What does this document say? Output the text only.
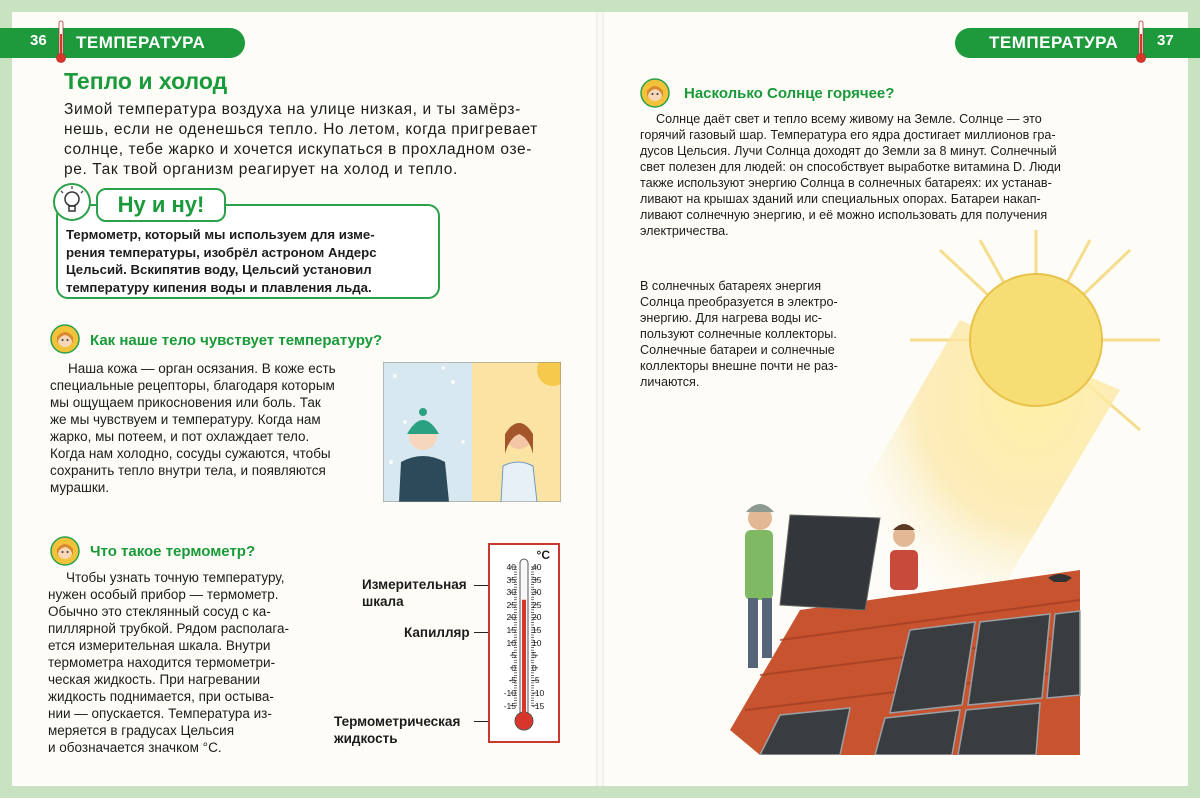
ТЕМПЕРАТУРА
36	ТЕМПЕРАТУРА	37
Тепло и холод
Зимой температура воздуха на улице низкая, и ты замёрз-
нешь, если не оденешься тепло. Но летом, когда пригревает
солнце, тебе жарко и хочется искупаться в прохладном озе-
ре. Так твой организм реагирует на холод и тепло.
Ну и ну!
Термометр, который мы используем для изме-
рения температуры, изобрёл астроном Андерс
Цельсий. Вскипятив воду, Цельсий установил
температуру кипения воды и плавления льда.
Как наше тело чувствует температуру?
Наша кожа — орган осязания. В коже есть
специальные рецепторы, благодаря которым
мы ощущаем прикосновения или боль. Так
же мы чувствуем и температуру. Когда нам
жарко, мы потеем, и пот охлаждает тело.
Когда нам холодно, сосуды сужаются, чтобы
сохранить тепло внутри тела, и появляются
мурашки.
Что такое термометр?
Чтобы узнать точную температуру,
нужен особый прибор — термометр.
Обычно это стеклянный сосуд с ка-
пиллярной трубкой. Рядом располага-
ется измерительная шкала. Внутри
термометра находится термометри-
ческая жидкость. При нагревании
жидкость поднимается, при остыва-
нии — опускается. Температура из-
меряется в градусах Цельсия
и обозначается значком °С.
Измерительная
шкала
Капилляр
Термометрическая
жидкость
°С
40
35
30
25
20
15
10
5
0
-5
-10
-15
40
35
30
25
20
15
10
5
0
-5
-10
-15
Насколько Солнце горячее?
Солнце даёт свет и тепло всему живому на Земле. Солнце — это
горячий газовый шар. Температура его ядра достигает миллионов гра-
дусов Цельсия. Лучи Солнца доходят до Земли за 8 минут. Солнечный
свет полезен для людей: он способствует выработке витамина D. Люди
также используют энергию Солнца в солнечных батареях: их устанав-
ливают на крышах зданий или специальных опорах. Батареи накап-
ливают солнечную энергию, и её можно использовать для получения
электричества.
В солнечных батареях энергия
Солнца преобразуется в электро-
энергию. Для нагрева воды ис-
пользуют солнечные коллекторы.
Солнечные батареи и солнечные
коллекторы внешне почти не раз-
личаются.
